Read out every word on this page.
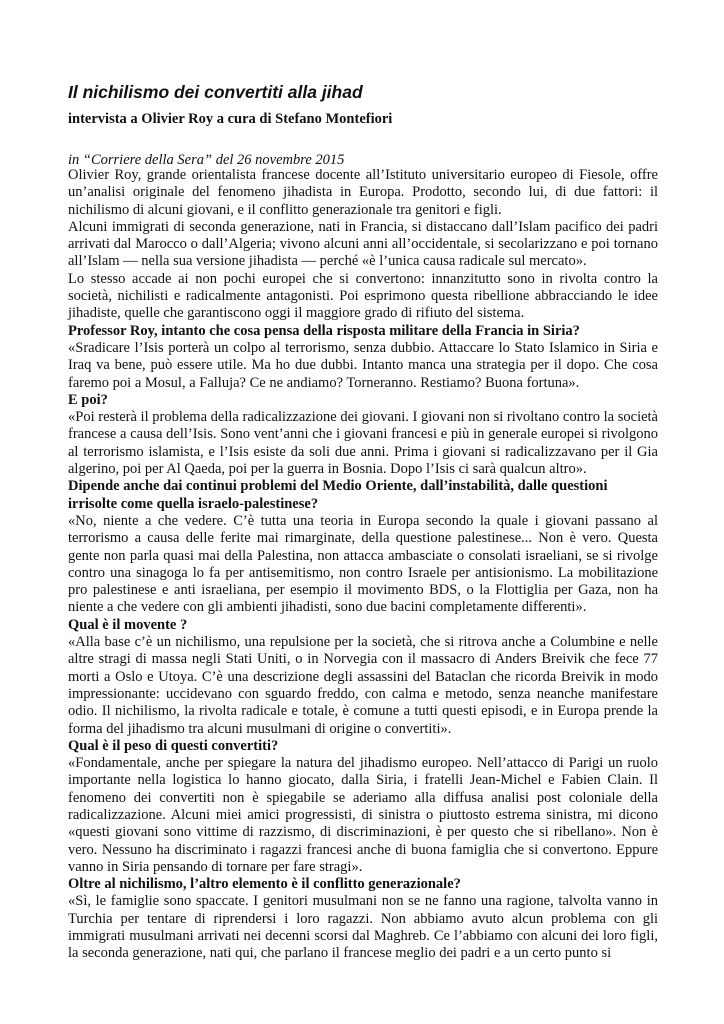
Il nichilismo dei convertiti alla jihad
intervista a Olivier Roy a cura di Stefano Montefiori
in “Corriere della Sera” del 26 novembre 2015

Olivier Roy, grande orientalista francese docente all’Istituto universitario europeo di Fiesole, offre un’analisi originale del fenomeno jihadista in Europa. Prodotto, secondo lui, di due fattori: il nichilismo di alcuni giovani, e il conflitto generazionale tra genitori e figli.

Alcuni immigrati di seconda generazione, nati in Francia, si distaccano dall’Islam pacifico dei padri arrivati dal Marocco o dall’Algeria; vivono alcuni anni all’occidentale, si secolarizzano e poi tornano all’Islam — nella sua versione jihadista — perché «è l’unica causa radicale sul mercato».

Lo stesso accade ai non pochi europei che si convertono: innanzitutto sono in rivolta contro la società, nichilisti e radicalmente antagonisti. Poi esprimono questa ribellione abbracciando le idee jihadiste, quelle che garantiscono oggi il maggiore grado di rifiuto del sistema.

Professor Roy, intanto che cosa pensa della risposta militare della Francia in Siria?

«Sradicare l’Isis porterà un colpo al terrorismo, senza dubbio. Attaccare lo Stato Islamico in Siria e Iraq va bene, può essere utile. Ma ho due dubbi. Intanto manca una strategia per il dopo. Che cosa faremo poi a Mosul, a Falluja? Ce ne andiamo? Torneranno. Restiamo? Buona fortuna».

E poi?

«Poi resterà il problema della radicalizzazione dei giovani. I giovani non si rivoltano contro la società francese a causa dell’Isis. Sono vent’anni che i giovani francesi e più in generale europei si rivolgono al terrorismo islamista, e l’Isis esiste da soli due anni. Prima i giovani si radicalizzavano per il Gia algerino, poi per Al Qaeda, poi per la guerra in Bosnia. Dopo l’Isis ci sarà qualcun altro».

Dipende anche dai continui problemi del Medio Oriente, dall’instabilità, dalle questioni irrisolte come quella israelo-palestinese?

«No, niente a che vedere. C’è tutta una teoria in Europa secondo la quale i giovani passano al terrorismo a causa delle ferite mai rimarginate, della questione palestinese... Non è vero. Questa gente non parla quasi mai della Palestina, non attacca ambasciate o consolati israeliani, se si rivolge contro una sinagoga lo fa per antisemitismo, non contro Israele per antisionismo. La mobilitazione pro palestinese e anti israeliana, per esempio il movimento BDS, o la Flottiglia per Gaza, non ha niente a che vedere con gli ambienti jihadisti, sono due bacini completamente differenti».

Qual è il movente ?

«Alla base c’è un nichilismo, una repulsione per la società, che si ritrova anche a Columbine e nelle altre stragi di massa negli Stati Uniti, o in Norvegia con il massacro di Anders Breivik che fece 77 morti a Oslo e Utoya. C’è una descrizione degli assassini del Bataclan che ricorda Breivik in modo impressionante: uccidevano con sguardo freddo, con calma e metodo, senza neanche manifestare odio. Il nichilismo, la rivolta radicale e totale, è comune a tutti questi episodi, e in Europa prende la forma del jihadismo tra alcuni musulmani di origine o convertiti».

Qual è il peso di questi convertiti?

«Fondamentale, anche per spiegare la natura del jihadismo europeo. Nell’attacco di Parigi un ruolo importante nella logistica lo hanno giocato, dalla Siria, i fratelli Jean-Michel e Fabien Clain. Il fenomeno dei convertiti non è spiegabile se aderiamo alla diffusa analisi post coloniale della radicalizzazione. Alcuni miei amici progressisti, di sinistra o piuttosto estrema sinistra, mi dicono «questi giovani sono vittime di razzismo, di discriminazioni, è per questo che si ribellano». Non è vero. Nessuno ha discriminato i ragazzi francesi anche di buona famiglia che si convertono. Eppure vanno in Siria pensando di tornare per fare stragi».

Oltre al nichilismo, l’altro elemento è il conflitto generazionale?

«Sì, le famiglie sono spaccate. I genitori musulmani non se ne fanno una ragione, talvolta vanno in Turchia per tentare di riprendersi i loro ragazzi. Non abbiamo avuto alcun problema con gli immigrati musulmani arrivati nei decenni scorsi dal Maghreb. Ce l’abbiamo con alcuni dei loro figli, la seconda generazione, nati qui, che parlano il francese meglio dei padri e a un certo punto si
